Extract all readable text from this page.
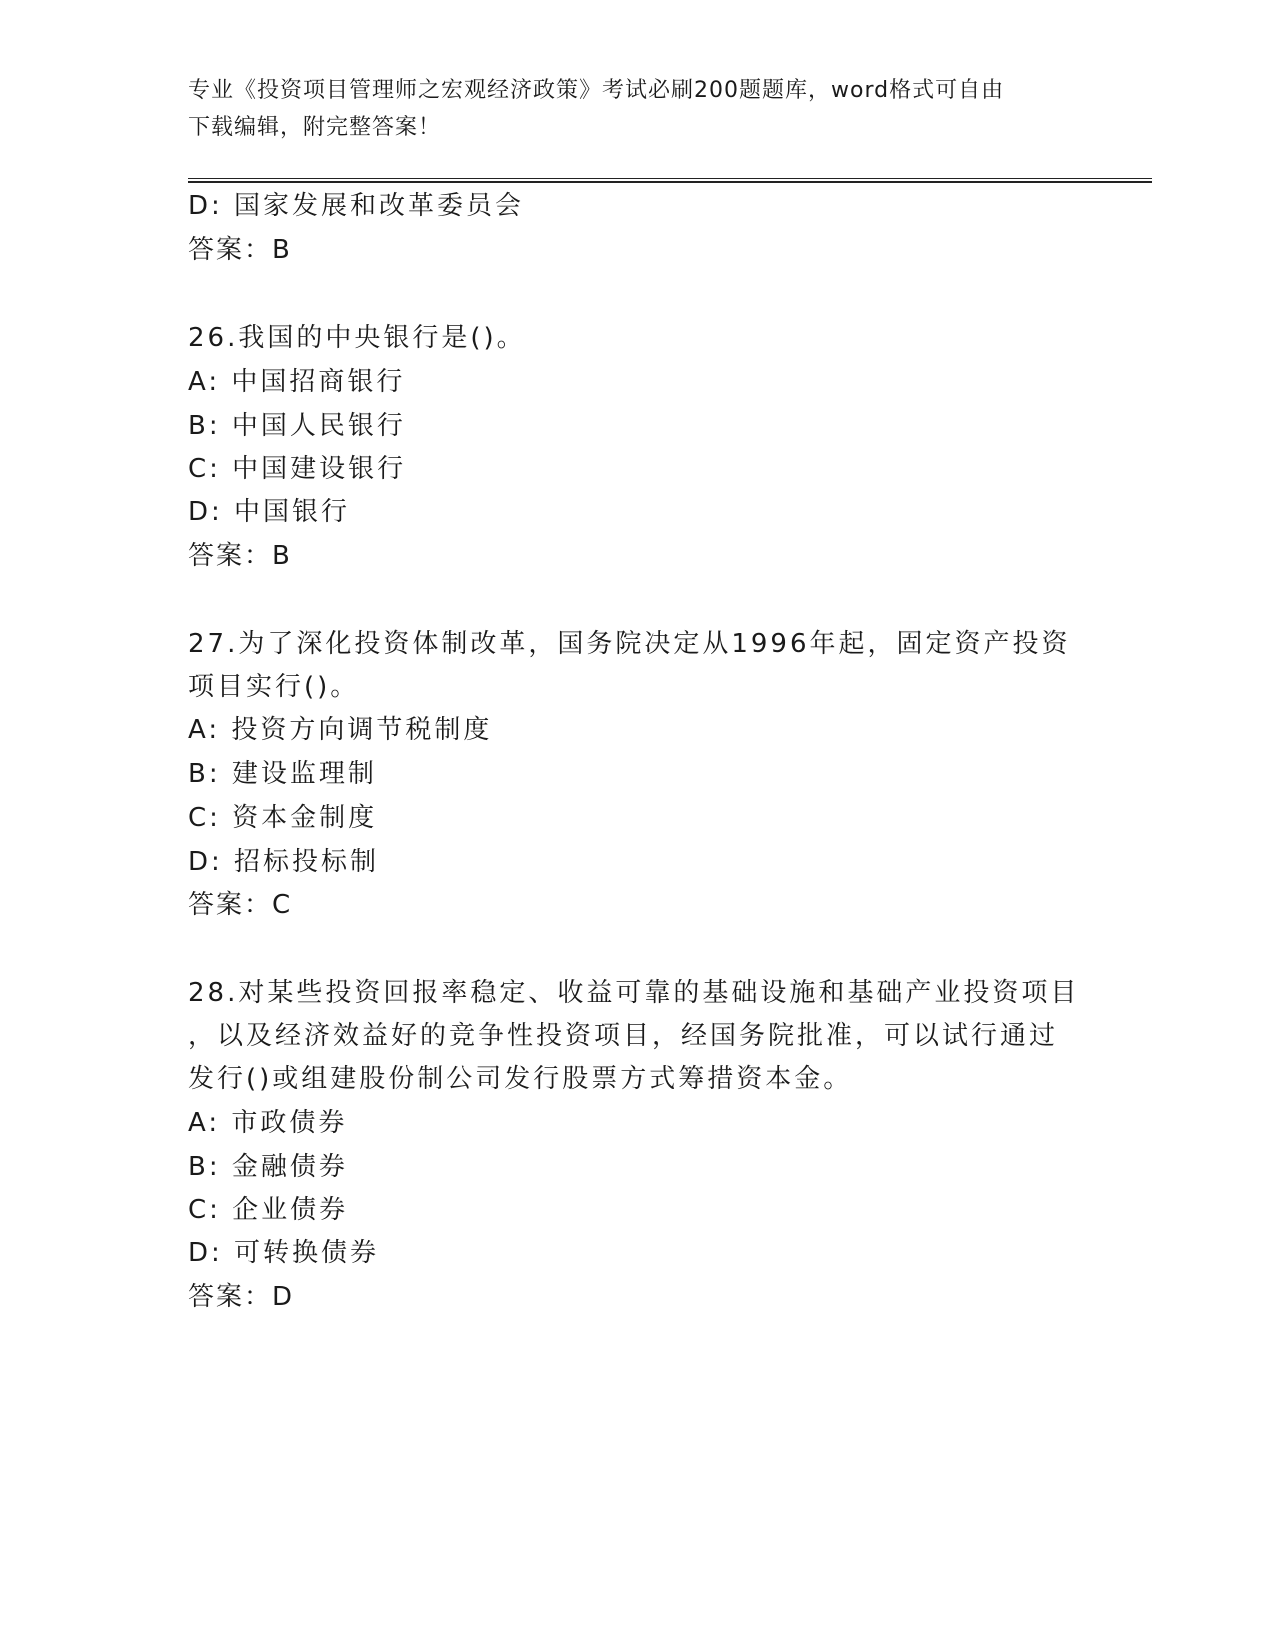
专业《投资项目管理师之宏观经济政策》考试必刷200题题库，word格式可自由
下载编辑，附完整答案！
D: 国家发展和改革委员会
答案：B
26.我国的中央银行是()。
A: 中国招商银行
B: 中国人民银行
C: 中国建设银行
D: 中国银行
答案：B
27.为了深化投资体制改革，国务院决定从1996年起，固定资产投资
项目实行()。
A: 投资方向调节税制度
B: 建设监理制
C: 资本金制度
D: 招标投标制
答案：C
28.对某些投资回报率稳定、收益可靠的基础设施和基础产业投资项目
，以及经济效益好的竞争性投资项目，经国务院批准，可以试行通过
发行()或组建股份制公司发行股票方式筹措资本金。
A: 市政债券
B: 金融债券
C: 企业债券
D: 可转换债券
答案：D
